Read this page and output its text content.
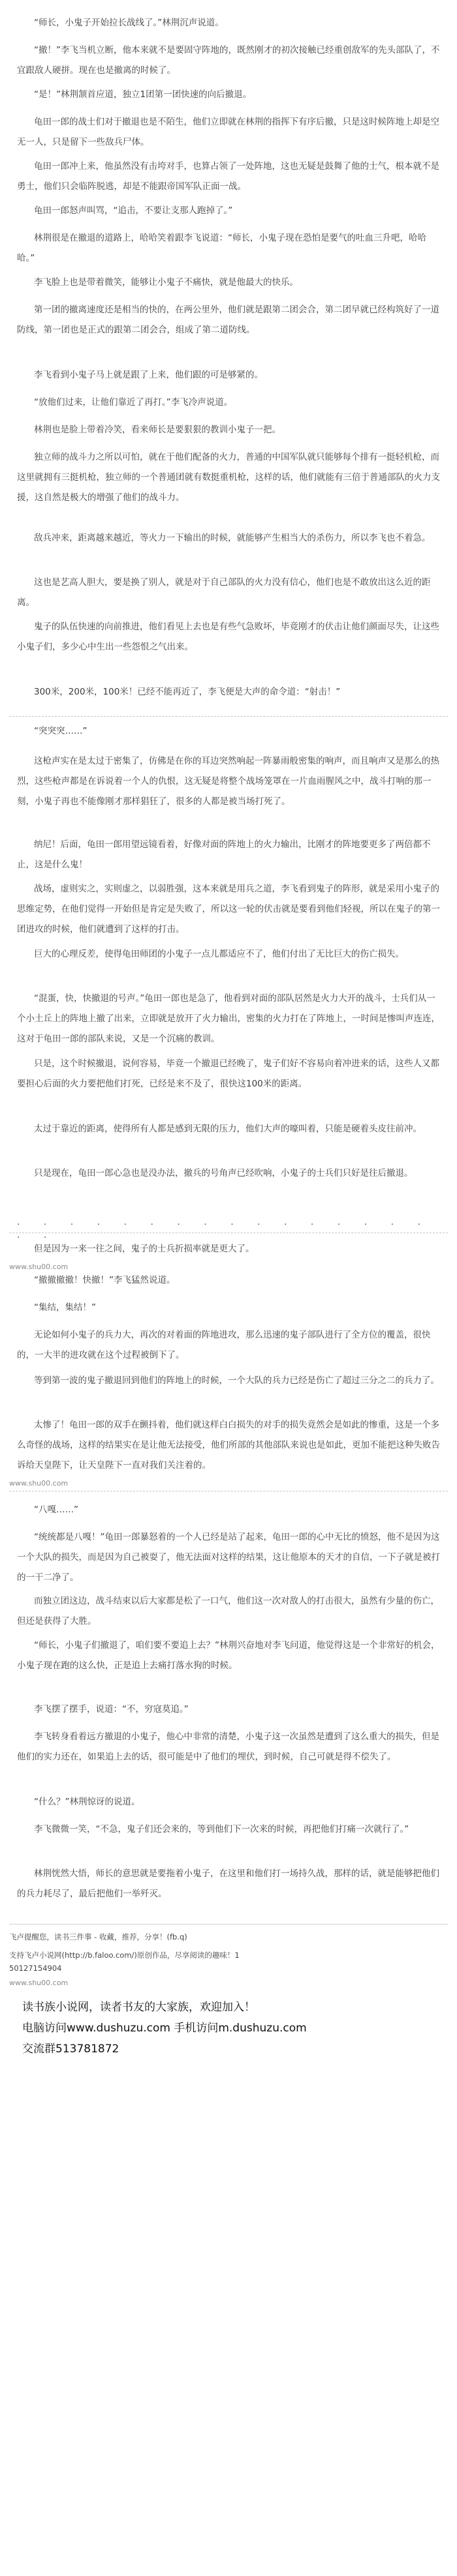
“师长，小鬼子开始拉长战线了。”林荆沉声说道。
“撤！”李飞当机立断，他本来就不是要固守阵地的，既然刚才的初次接触已经重创敌军的先头部队了，不宜跟敌人硬拼。现在也是撤离的时候了。
“是！”林荆颔首应道，独立1团第一团快速的向后撤退。
龟田一郎的战士们对于撤退也是不陌生，他们立即就在林荆的指挥下有序后撤，只是这时候阵地上却是空无一人，只是留下一些敌兵尸体。
龟田一郎冲上来，他虽然没有击垮对手，也算占领了一处阵地，这也无疑是鼓舞了他的士气，根本就不是勇士，他们只会临阵脱逃，却是不能跟帝国军队正面一战。
龟田一郎怒声叫骂，“追击，不要让支那人跑掉了。”
林荆很是在撤退的道路上，哈哈笑着跟李飞说道：“师长，小鬼子现在恐怕是要气的吐血三升吧，哈哈哈。”
李飞脸上也是带着微笑，能够让小鬼子不痛快，就是他最大的快乐。
第一团的撤离速度还是相当的快的，在两公里外，他们就是跟第二团会合，第二团早就已经构筑好了一道防线，第一团也是正式的跟第二团会合，组成了第二道防线。
李飞看到小鬼子马上就是跟了上来，他们跟的可是够紧的。
“放他们过来，让他们靠近了再打。”李飞冷声说道。
林荆也是脸上带着冷笑，看来师长是要狠狠的教训小鬼子一把。
独立师的战斗力之所以可怕，就在于他们配备的火力，普通的中国军队就只能够每个排有一挺轻机枪，而这里就拥有三挺机枪，独立师的一个普通团就有数挺重机枪，这样的话，他们就能有三倍于普通部队的火力支援，这自然是极大的增强了他们的战斗力。
敌兵冲来，距离越来越近，等火力一下输出的时候，就能够产生相当大的杀伤力，所以李飞也不着急。
这也是艺高人胆大，要是换了别人，就是对于自己部队的火力没有信心，他们也是不敢放出这么近的距离。
鬼子的队伍快速的向前推进，他们看见上去也是有些气急败坏，毕竟刚才的伏击让他们颜面尽失，让这些小鬼子们，多少心中生出一些怨恨之气出来。
300米，200米，100米！已经不能再近了，李飞便是大声的命令道：“射击！”
“突突突……”
这枪声实在是太过于密集了，仿佛是在你的耳边突然响起一阵暴雨般密集的响声，而且响声又是那么的热烈，这些枪声都是在诉说着一个人的仇恨，这无疑是将整个战场笼罩在一片血雨腥风之中，战斗打响的那一刻，小鬼子再也不能像刚才那样猖狂了，很多的人都是被当场打死了。
纳尼！后面，龟田一郎用望远镜看着，好像对面的阵地上的火力输出，比刚才的阵地要更多了两倍都不止，这是什么鬼！
战场，虚则实之，实则虚之，以弱胜强，这本来就是用兵之道，李飞看到鬼子的阵形，就是采用小鬼子的思维定势，在他们觉得一开始但是肯定是失败了，所以这一轮的伏击就是要看到他们轻视，所以在鬼子的第一团进攻的时候，他们就遭到了这样的打击。
巨大的心理反差，使得龟田师团的小鬼子一点儿都适应不了，他们付出了无比巨大的伤亡损失。
“混蛋，快，快撤退的号声。”龟田一郎也是急了，他看到对面的部队居然是火力大开的战斗，士兵们从一个小土丘上的阵地上撤了出来，立即就是放开了火力输出，密集的火力打在了阵地上，一时间是惨叫声连连，这对于龟田一郎的部队来说，又是一个沉痛的教训。
只是，这个时候撤退，说何容易，毕竟一个撤退已经晚了，鬼子们好不容易向着冲进来的话，这些人又都要担心后面的火力要把他们打死，已经是来不及了，很快这100米的距离。
太过于靠近的距离，使得所有人都是感到无限的压力，他们大声的嚎叫着，只能是硬着头皮往前冲。
只是现在，龟田一郎心急也是没办法，撤兵的号角声已经吹响，小鬼子的士兵们只好是往后撤退。
. . . . . . . . . . . . . . . . . .
但是因为一来一往之间，鬼子的士兵折损率就是更大了。
www.shu00.com
“撤撤撤撤！快撤！”李飞猛然说道。
“集结，集结！”
无论如何小鬼子的兵力大，再次的对着面的阵地进攻，那么迅速的鬼子部队进行了全方位的覆盖，很快的，一大半的进攻就在这个过程被倒下了。
等到第一波的鬼子撤退回到他们的阵地上的时候，一个大队的兵力已经是伤亡了超过三分之二的兵力了。
太惨了！龟田一郎的双手在颤抖着，他们就这样白白损失的对手的损失竟然会是如此的惨重，这是一个多么奇怪的战场，这样的结果实在是让他无法接受，他们所部的其他部队来说也是如此，更加不能把这种失败告诉给天皇陛下，让天皇陛下一直对我们关注着的。
www.shu00.com
“八嘎……”
“统统都是八嘎！”龟田一郎暴怒着的一个人已经是站了起来，龟田一郎的心中无比的愤怒，他不是因为这一个大队的损失，而是因为自己被耍了，他无法面对这样的结果，这让他原本的天才的自信，一下子就是被打的一干二净了。
而独立团这边，战斗结束以后大家都是松了一口气，他们这一次对敌人的打击很大，虽然有少量的伤亡，但还是获得了大胜。
“师长，小鬼子们撤退了，咱们要不要追上去？”林荆兴奋地对李飞问道，他觉得这是一个非常好的机会，小鬼子现在跑的这么快，正是追上去痛打落水狗的时候。
李飞摆了摆手，说道：“不，穷寇莫追。”
李飞转身看着远方撤退的小鬼子，他心中非常的清楚，小鬼子这一次虽然是遭到了这么重大的损失，但是他们的实力还在，如果追上去的话，很可能是中了他们的埋伏，到时候，自己可就是得不偿失了。
“什么？”林荆惊讶的说道。
李飞微微一笑，“不急，鬼子们还会来的，等到他们下一次来的时候，再把他们打痛一次就行了。”
林荆恍然大悟，师长的意思就是要拖着小鬼子，在这里和他们打一场持久战，那样的话，就是能够把他们的兵力耗尽了，最后把他们一举歼灭。
飞卢提醒您，读书三件事 - 收藏，推荐，分享！(fb.q)
支持飞卢小说网(http://b.faloo.com/)原创作品，尽享阅读的趣味！1
50127154904
www.shu00.com
读书族小说网，读者书友的大家族，欢迎加入！
电脑访问www.dushuzu.com 手机访问m.dushuzu.com
交流群513781872
